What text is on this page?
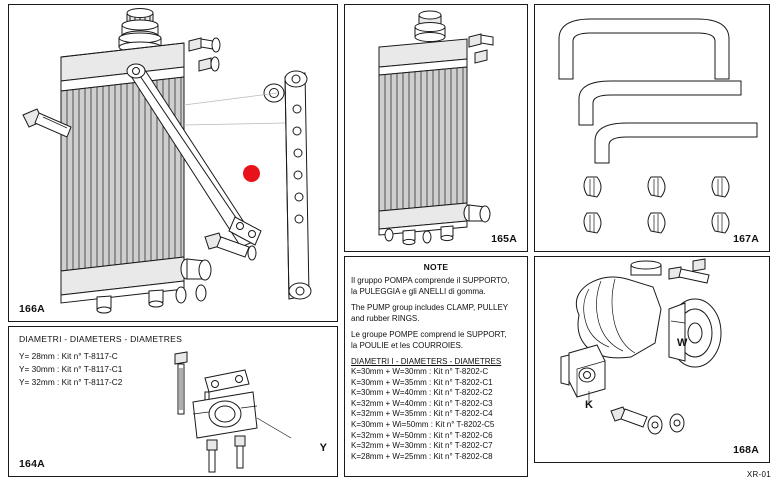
166A
165A	167A
NOTE
Il gruppo POMPA comprende il SUPPORTO,
la PULEGGIA e gli ANELLI di gomma.
The PUMP group includes CLAMP, PULLEY
and rubber RINGS.
Le groupe POMPE comprend le SUPPORT,
la POULIE et les COURROIES.
DIAMETRI I - DIAMETERS - DIAMETRES
K=30mm + W=30mm : Kit n° T-8202-C
K=30mm + W=35mm : Kit n° T-8202-C1
K=30mm + W=40mm : Kit n° T-8202-C2
K=32mm + W=40mm : Kit n° T-8202-C3
K=32mm + W=35mm : Kit n° T-8202-C4
K=30mm + Wi=50mm : Kit n° T-8202-C5
K=32mm + W=50mm : Kit n° T-8202-C6
K=32mm + W=30mm : Kit n° T-8202-C7
K=28mm + W=25mm : Kit n° T-8202-C8
W
K
168A
DIAMETRI - DIAMETERS - DIAMETRES
Y= 28mm : Kit n° T-8117-C
Y= 30mm : Kit n° T-8117-C1
Y= 32mm : Kit n° T-8117-C2
Y
164A
XR-01
